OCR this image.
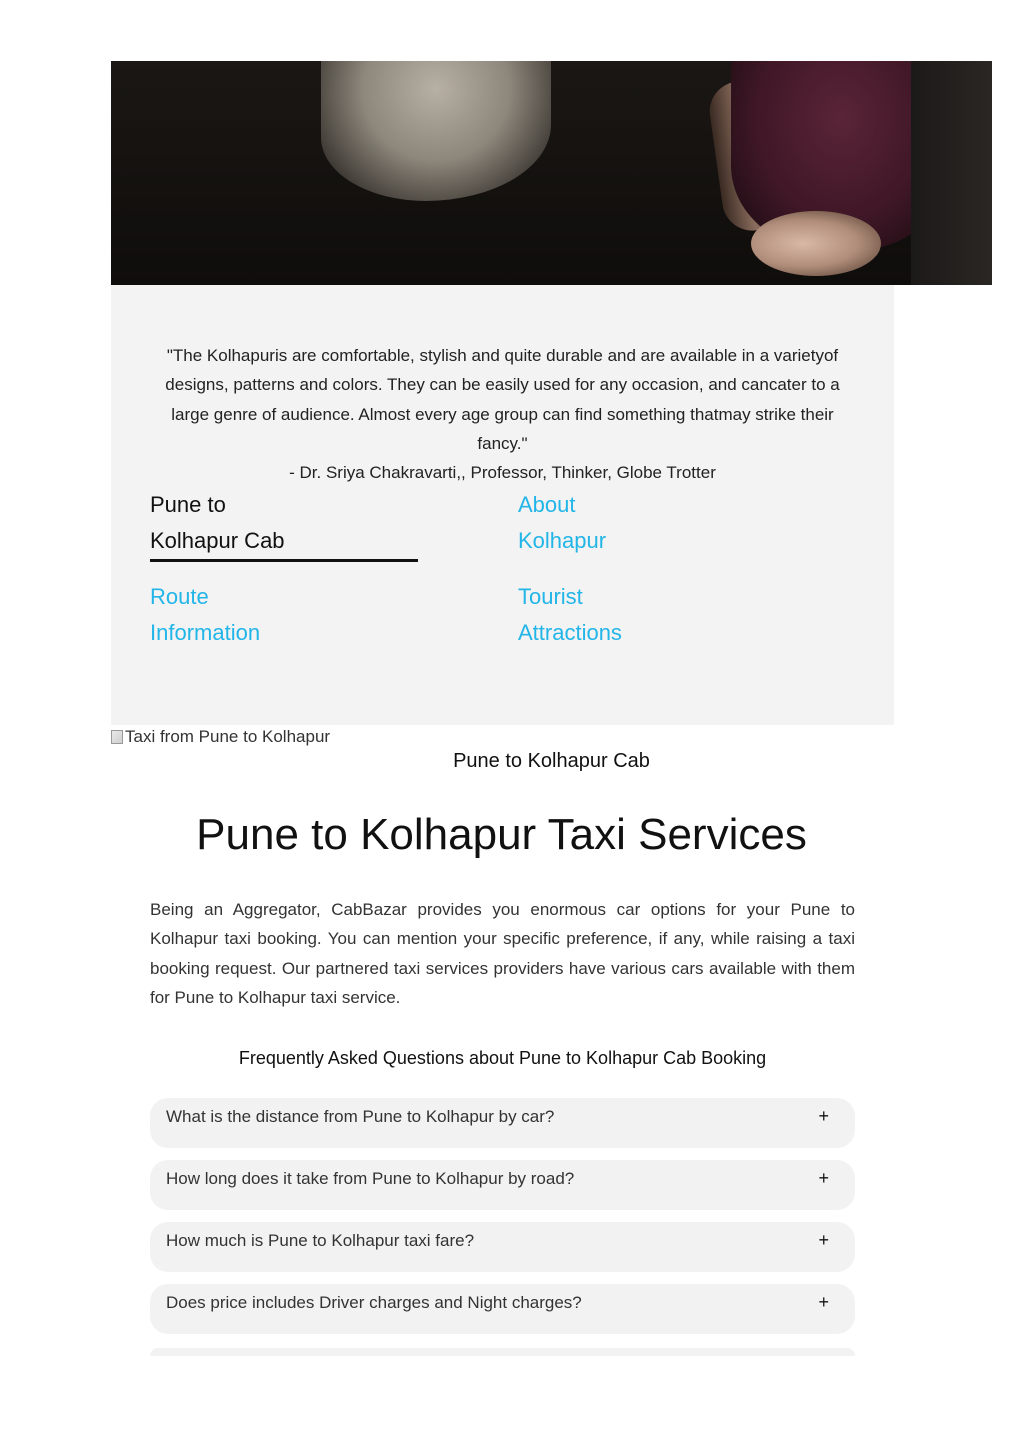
"The Kolhapuris are comfortable, stylish and quite durable and are available in a varietyof designs, patterns and colors. They can be easily used for any occasion, and cancater to a large genre of audience. Almost every age group can find something thatmay strike their fancy."
- Dr. Sriya Chakravarti,, Professor, Thinker, Globe Trotter
Pune to
Kolhapur Cab
About
Kolhapur
Route
Information
Tourist
Attractions
Taxi from Pune to Kolhapur
Pune to Kolhapur Cab
Pune to Kolhapur Taxi Services
Being an Aggregator, CabBazar provides you enormous car options for your Pune to Kolhapur taxi booking. You can mention your specific preference, if any, while raising a taxi booking request. Our partnered taxi services providers have various cars available with them for Pune to Kolhapur taxi service.
Frequently Asked Questions about Pune to Kolhapur Cab Booking
What is the distance from Pune to Kolhapur by car?	+
How long does it take from Pune to Kolhapur by road?	+
How much is Pune to Kolhapur taxi fare?	+
Does price includes Driver charges and Night charges?	+
